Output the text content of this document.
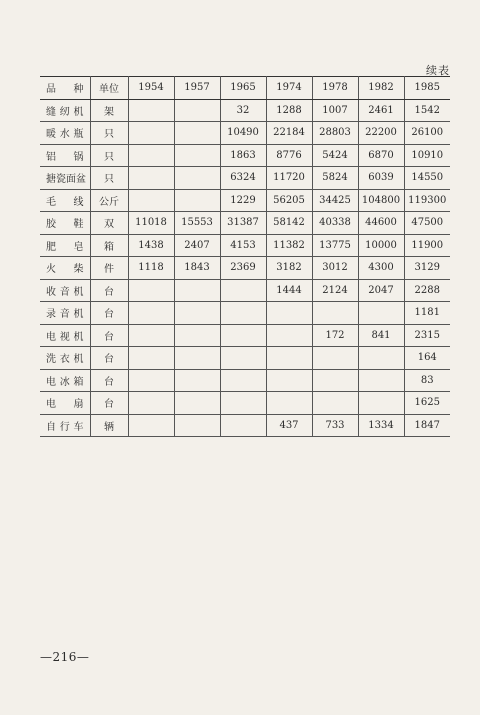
续表
品种	单位	1954	1957	1965	1974	1978	1982	1985
缝纫机	架			32	1288	1007	2461	1542
暖水瓶	只			10490	22184	28803	22200	26100
铝锅	只			1863	8776	5424	6870	10910
搪瓷面盆	只			6324	11720	5824	6039	14550
毛线	公斤			1229	56205	34425	104800	119300
胶鞋	双	11018	15553	31387	58142	40338	44600	47500
肥皂	箱	1438	2407	4153	11382	13775	10000	11900
火柴	件	1118	1843	2369	3182	3012	4300	3129
收音机	台				1444	2124	2047	2288
录音机	台							1181
电视机	台					172	841	2315
洗衣机	台							164
电冰箱	台							83
电扇	台							1625
自行车	辆				437	733	1334	1847
—216—
